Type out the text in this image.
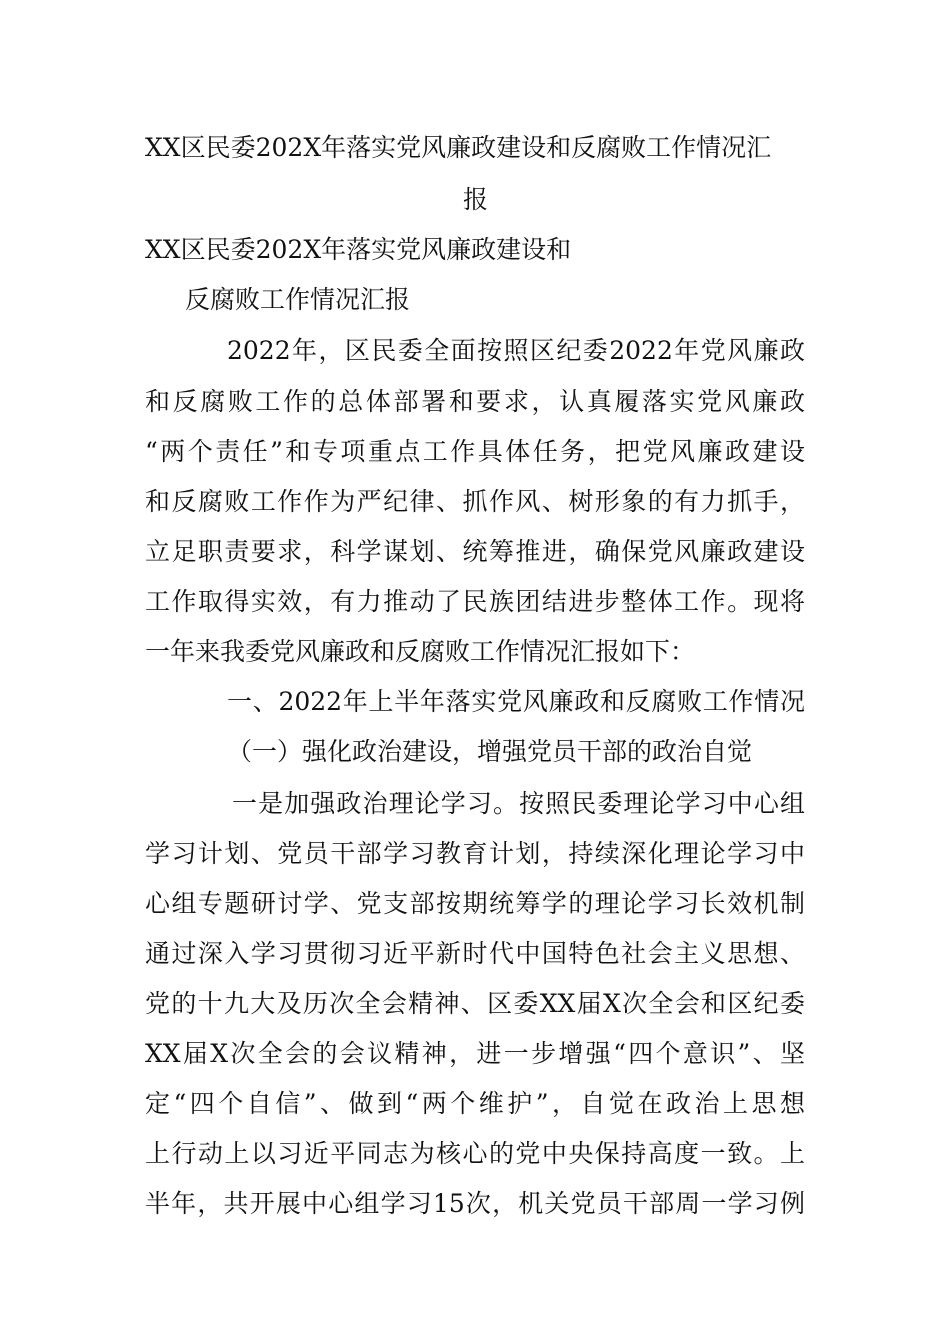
XX区民委202X年落实党风廉政建设和反腐败工作情况汇
报
XX区民委202X年落实党风廉政建设和
反腐败工作情况汇报
2022年，区民委全面按照区纪委2022年党风廉政
和反腐败工作的总体部署和要求，认真履落实党风廉政
“两个责任”和专项重点工作具体任务，把党风廉政建设
和反腐败工作作为严纪律、抓作风、树形象的有力抓手，
立足职责要求，科学谋划、统筹推进，确保党风廉政建设
工作取得实效，有力推动了民族团结进步整体工作。现将
一年来我委党风廉政和反腐败工作情况汇报如下：
一、2022年上半年落实党风廉政和反腐败工作情况
（一）强化政治建设，增强党员干部的政治自觉
一是加强政治理论学习。按照民委理论学习中心组
学习计划、党员干部学习教育计划，持续深化理论学习中
心组专题研讨学、党支部按期统筹学的理论学习长效机制
通过深入学习贯彻习近平新时代中国特色社会主义思想、
党的十九大及历次全会精神、区委XX届X次全会和区纪委
XX届X次全会的会议精神，进一步增强“四个意识”、坚
定“四个自信”、做到“两个维护”，自觉在政治上思想
上行动上以习近平同志为核心的党中央保持高度一致。上
半年，共开展中心组学习15次，机关党员干部周一学习例
